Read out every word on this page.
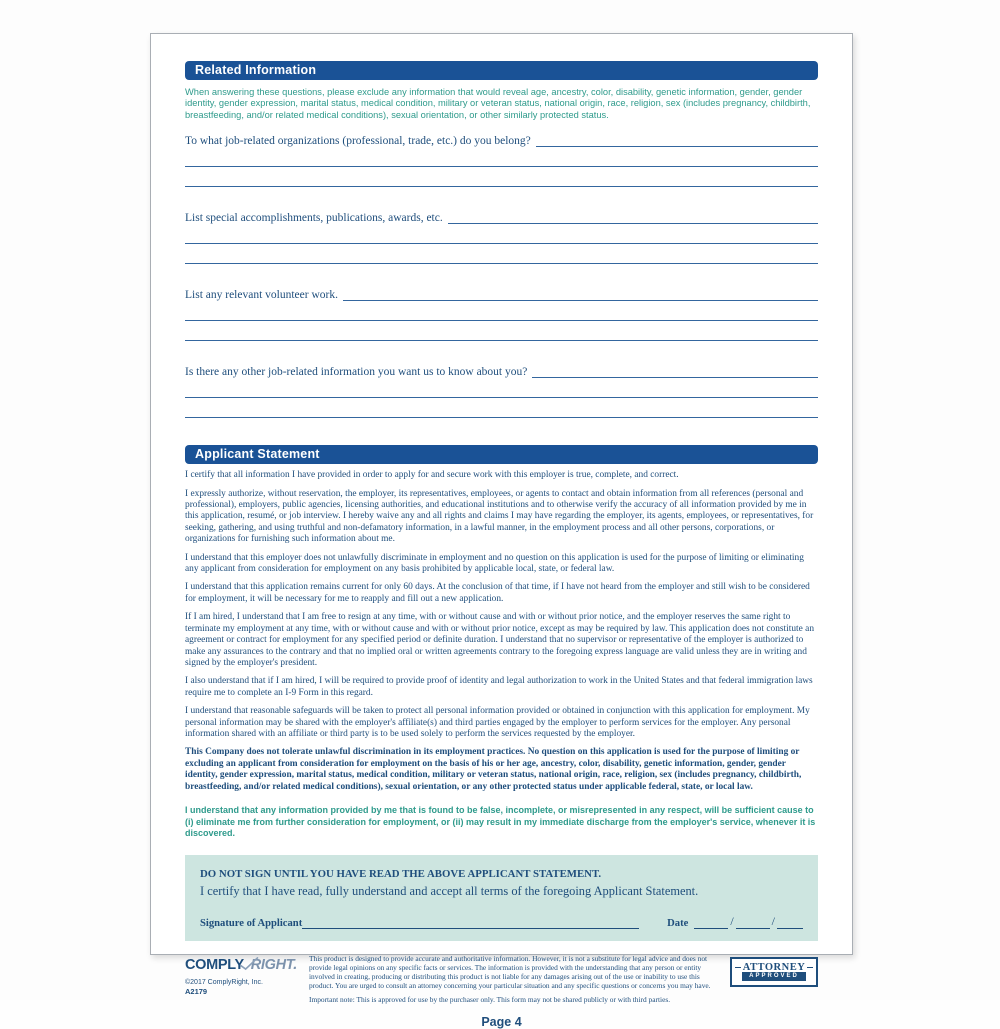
Related Information
When answering these questions, please exclude any information that would reveal age, ancestry, color, disability, genetic information, gender, gender identity, gender expression, marital status, medical condition, military or veteran status, national origin, race, religion, sex (includes pregnancy, childbirth, breastfeeding, and/or related medical conditions), sexual orientation, or other similarly protected status.
To what job-related organizations (professional, trade, etc.) do you belong?
List special accomplishments, publications, awards, etc.
List any relevant volunteer work.
Is there any other job-related information you want us to know about you?
Applicant Statement

I certify that all information I have provided in order to apply for and secure work with this employer is true, complete, and correct.

I expressly authorize, without reservation, the employer, its representatives, employees, or agents to contact and obtain information from all references (personal and professional), employers, public agencies, licensing authorities, and educational institutions and to otherwise verify the accuracy of all information provided by me in this application, resumé, or job interview. I hereby waive any and all rights and claims I may have regarding the employer, its agents, employees, or representatives, for seeking, gathering, and using truthful and non-defamatory information, in a lawful manner, in the employment process and all other persons, corporations, or organizations for furnishing such information about me.

I understand that this employer does not unlawfully discriminate in employment and no question on this application is used for the purpose of limiting or eliminating any applicant from consideration for employment on any basis prohibited by applicable local, state, or federal law.

I understand that this application remains current for only 60 days. At the conclusion of that time, if I have not heard from the employer and still wish to be considered for employment, it will be necessary for me to reapply and fill out a new application.

If I am hired, I understand that I am free to resign at any time, with or without cause and with or without prior notice, and the employer reserves the same right to terminate my employment at any time, with or without cause and with or without prior notice, except as may be required by law. This application does not constitute an agreement or contract for employment for any specified period or definite duration. I understand that no supervisor or representative of the employer is authorized to make any assurances to the contrary and that no implied oral or written agreements contrary to the foregoing express language are valid unless they are in writing and signed by the employer's president.

I also understand that if I am hired, I will be required to provide proof of identity and legal authorization to work in the United States and that federal immigration laws require me to complete an I-9 Form in this regard.

I understand that reasonable safeguards will be taken to protect all personal information provided or obtained in conjunction with this application for employment. My personal information may be shared with the employer's affiliate(s) and third parties engaged by the employer to perform services for the employer. Any personal information shared with an affiliate or third party is to be used solely to perform the services requested by the employer.

This Company does not tolerate unlawful discrimination in its employment practices. No question on this application is used for the purpose of limiting or excluding an applicant from consideration for employment on the basis of his or her age, ancestry, color, disability, genetic information, gender, gender identity, gender expression, marital status, medical condition, military or veteran status, national origin, race, religion, sex (includes pregnancy, childbirth, breastfeeding, and/or related medical conditions), sexual orientation, or any other protected status under applicable federal, state, or local law.

I understand that any information provided by me that is found to be false, incomplete, or misrepresented in any respect, will be sufficient cause to (i) eliminate me from further consideration for employment, or (ii) may result in my immediate discharge from the employer's service, whenever it is discovered.

DO NOT SIGN UNTIL YOU HAVE READ THE ABOVE APPLICANT STATEMENT.
I certify that I have read, fully understand and accept all terms of the foregoing Applicant Statement.
Signature of Applicant	Date	/	/
COMPLY RIGHT.
©2017 ComplyRight, Inc.
A2179
This product is designed to provide accurate and authoritative information. However, it is not a substitute for legal advice and does not provide legal opinions on any specific facts or services. The information is provided with the understanding that any person or entity involved in creating, producing or distributing this product is not liable for any damages arising out of the use or inability to use this product. You are urged to consult an attorney concerning your particular situation and any specific questions or concerns you may have.
Important note: This is approved for use by the purchaser only. This form may not be shared publicly or with third parties.
ATTORNEY
APPROVED
Page 4
